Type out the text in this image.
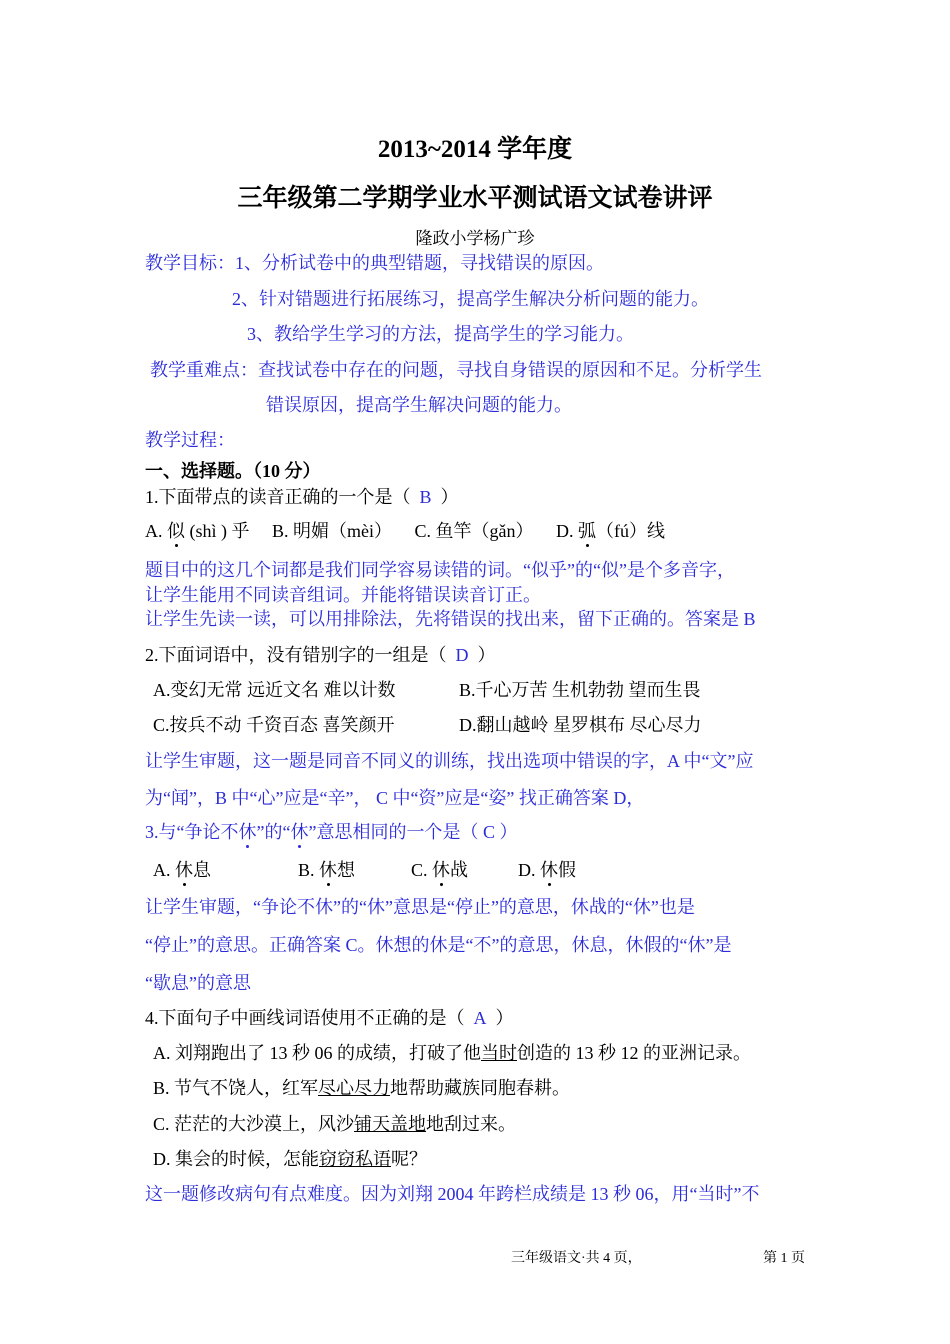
2013~2014 学年度
三年级第二学期学业水平测试语文试卷讲评
隆政小学杨广珍
教学目标：1、分析试卷中的典型错题，寻找错误的原因。
2、针对错题进行拓展练习，提高学生解决分析问题的能力。
3、教给学生学习的方法，提高学生的学习能力。
教学重难点：查找试卷中存在的问题，寻找自身错误的原因和不足。分析学生
错误原因，提高学生解决问题的能力。
教学过程：
一、选择题。（10 分）
1.下面带点的读音正确的一个是（ B ）
A. 似 (shì ) 乎 B. 明媚（mèi） C. 鱼竿（gǎn） D. 弧（fú）线
题目中的这几个词都是我们同学容易读错的词。“似乎”的“似”是个多音字，
让学生能用不同读音组词。并能将错误读音订正。
让学生先读一读，可以用排除法，先将错误的找出来，留下正确的。答案是 B
2.下面词语中，没有错别字的一组是（ D ）
A.变幻无常 远近文名 难以计数	B.千心万苦 生机勃勃 望而生畏
C.按兵不动 千资百态 喜笑颜开	D.翻山越岭 星罗棋布 尽心尽力
让学生审题，这一题是同音不同义的训练，找出选项中错误的字，A 中“文”应
为“闻”，B 中“心”应是“辛”， C 中“资”应是“姿” 找正确答案 D，
3.与“争论不休”的“休”意思相同的一个是（ C ）
A. 休息	B. 休想	C. 休战	D. 休假
让学生审题，“争论不休”的“休”意思是“停止”的意思，休战的“休”也是
“停止”的意思。正确答案 C。休想的休是“不”的意思，休息，休假的“休”是
“歇息”的意思
4.下面句子中画线词语使用不正确的是（ A ）
A. 刘翔跑出了 13 秒 06 的成绩，打破了他当时创造的 13 秒 12 的亚洲记录。
B. 节气不饶人，红军尽心尽力地帮助藏族同胞春耕。
C. 茫茫的大沙漠上，风沙铺天盖地地刮过来。
D. 集会的时候，怎能窃窃私语呢？
这一题修改病句有点难度。因为刘翔 2004 年跨栏成绩是 13 秒 06，用“当时”不
三年级语文·共 4 页，	第 1 页
